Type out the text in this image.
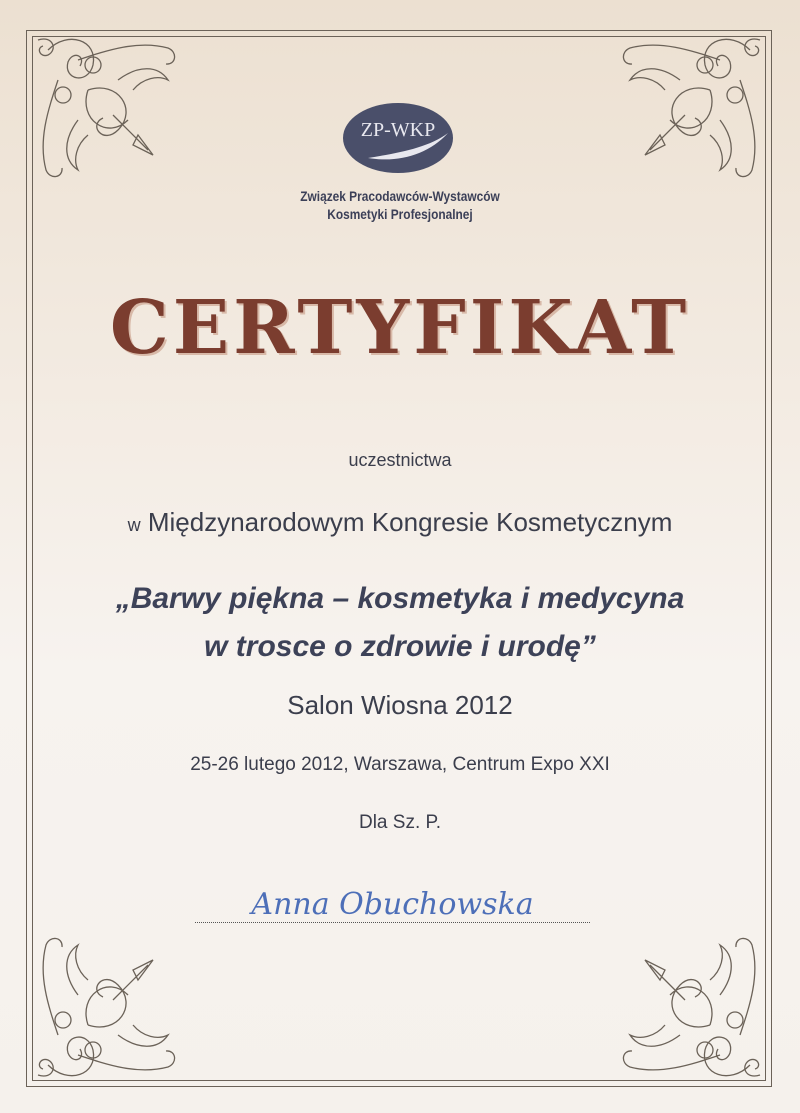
ZP-WKP
Związek Pracodawców-Wystawców
Kosmetyki Profesjonalnej
CERTYFIKAT
uczestnictwa
w Międzynarodowym Kongresie Kosmetycznym
„Barwy piękna – kosmetyka i medycyna
w trosce o zdrowie i urodę”
Salon Wiosna 2012
25-26 lutego 2012, Warszawa, Centrum Expo XXI
Dla Sz. P.
Anna Obuchowska
